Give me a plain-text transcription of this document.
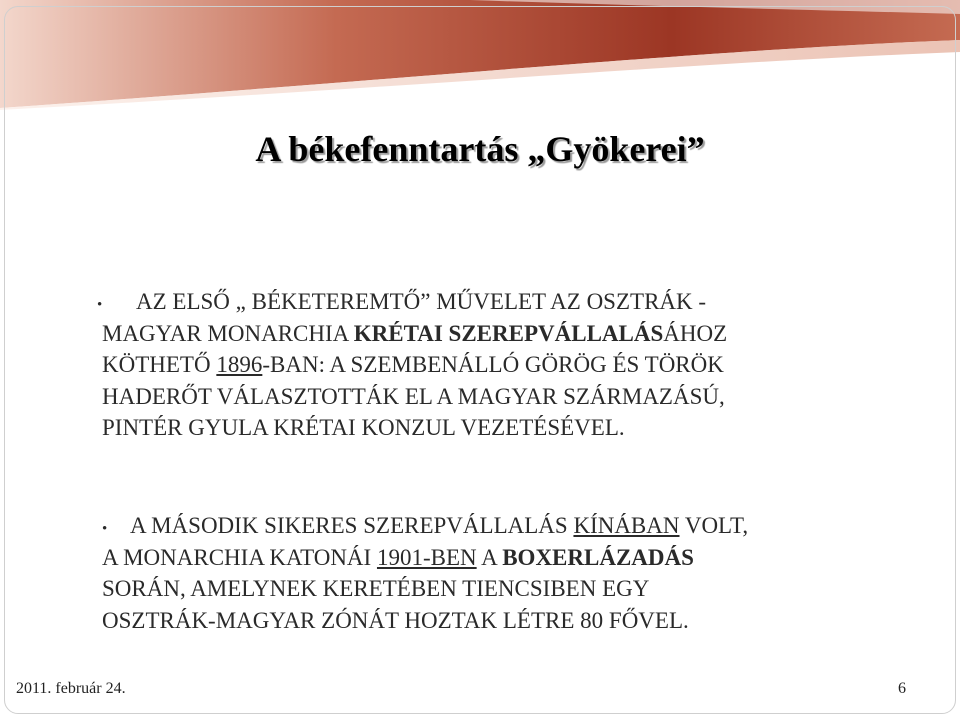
A békefenntartás „Gyökerei”
•	AZ ELSŐ „ BÉKETEREMTŐ” MŰVELET AZ OSZTRÁK -
MAGYAR MONARCHIA KRÉTAI SZEREPVÁLLALÁSÁHOZ
KÖTHETŐ 1896-BAN: A SZEMBENÁLLÓ GÖRÖG ÉS TÖRÖK
HADERŐT VÁLASZTOTTÁK EL A MAGYAR SZÁRMAZÁSÚ,
PINTÉR GYULA KRÉTAI KONZUL VEZETÉSÉVEL.
• A MÁSODIK SIKERES SZEREPVÁLLALÁS KÍNÁBAN VOLT,
A MONARCHIA KATONÁI 1901-BEN A BOXERLÁZADÁS
SORÁN, AMELYNEK KERETÉBEN TIENCSIBEN EGY
OSZTRÁK-MAGYAR ZÓNÁT HOZTAK LÉTRE 80 FŐVEL.
2011. február 24.	6
